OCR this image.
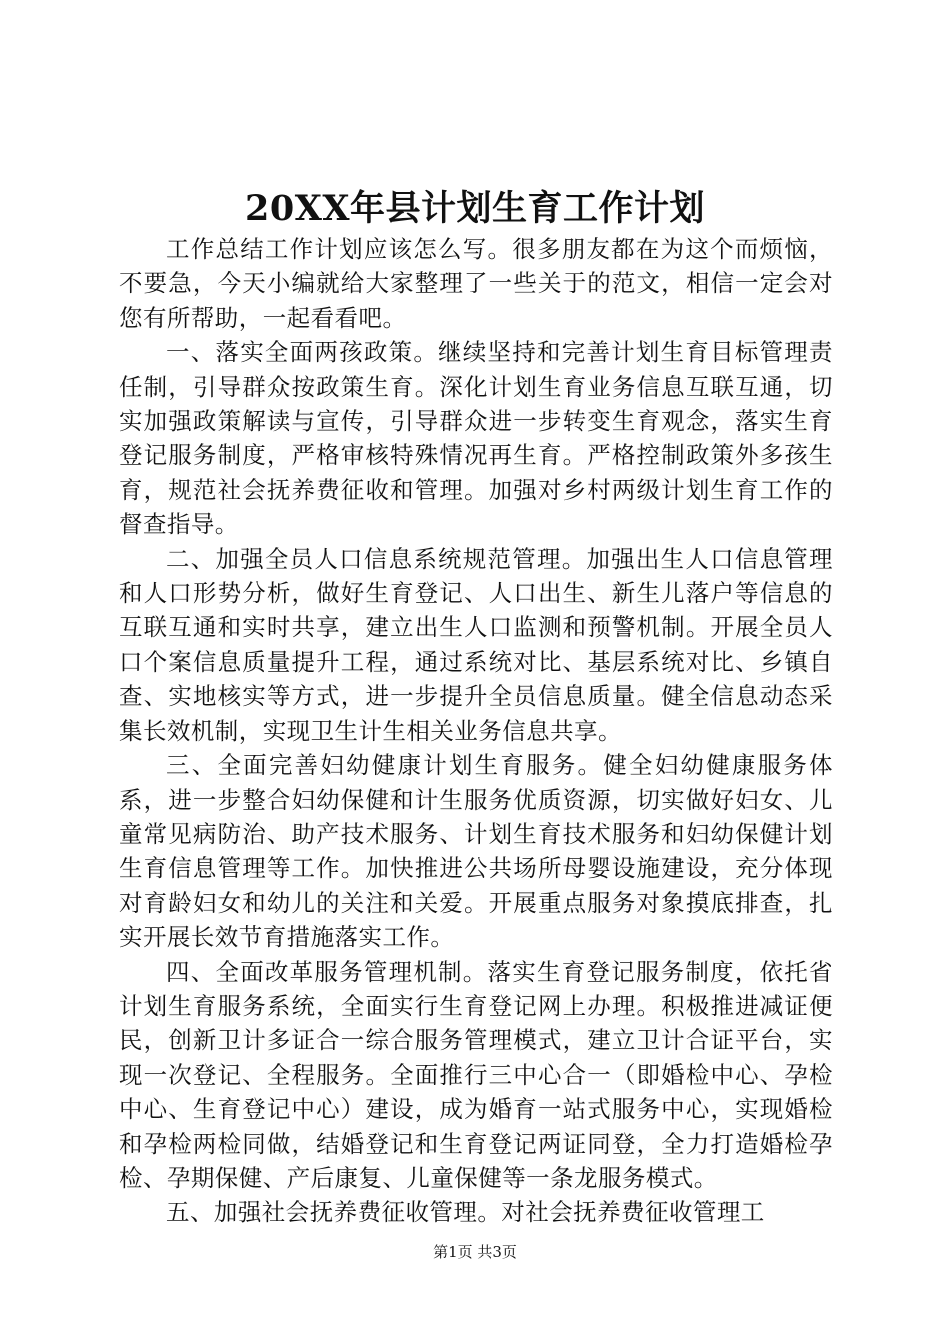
20XX年县计划生育工作计划

工作总结工作计划应该怎么写。很多朋友都在为这个而烦恼，不要急，今天小编就给大家整理了一些关于的范文，相信一定会对您有所帮助，一起看看吧。

一、落实全面两孩政策。继续坚持和完善计划生育目标管理责任制，引导群众按政策生育。深化计划生育业务信息互联互通，切实加强政策解读与宣传，引导群众进一步转变生育观念，落实生育登记服务制度，严格审核特殊情况再生育。严格控制政策外多孩生育，规范社会抚养费征收和管理。加强对乡村两级计划生育工作的督查指导。

二、加强全员人口信息系统规范管理。加强出生人口信息管理和人口形势分析，做好生育登记、人口出生、新生儿落户等信息的互联互通和实时共享，建立出生人口监测和预警机制。开展全员人口个案信息质量提升工程，通过系统对比、基层系统对比、乡镇自查、实地核实等方式，进一步提升全员信息质量。健全信息动态采集长效机制，实现卫生计生相关业务信息共享。

三、全面完善妇幼健康计划生育服务。健全妇幼健康服务体系，进一步整合妇幼保健和计生服务优质资源，切实做好妇女、儿童常见病防治、助产技术服务、计划生育技术服务和妇幼保健计划生育信息管理等工作。加快推进公共场所母婴设施建设，充分体现对育龄妇女和幼儿的关注和关爱。开展重点服务对象摸底排查，扎实开展长效节育措施落实工作。

四、全面改革服务管理机制。落实生育登记服务制度，依托省计划生育服务系统，全面实行生育登记网上办理。积极推进减证便民，创新卫计多证合一综合服务管理模式，建立卫计合证平台，实现一次登记、全程服务。全面推行三中心合一（即婚检中心、孕检中心、生育登记中心）建设，成为婚育一站式服务中心，实现婚检和孕检两检同做，结婚登记和生育登记两证同登，全力打造婚检孕检、孕期保健、产后康复、儿童保健等一条龙服务模式。

五、加强社会抚养费征收管理。对社会抚养费征收管理工

第1页 共3页
